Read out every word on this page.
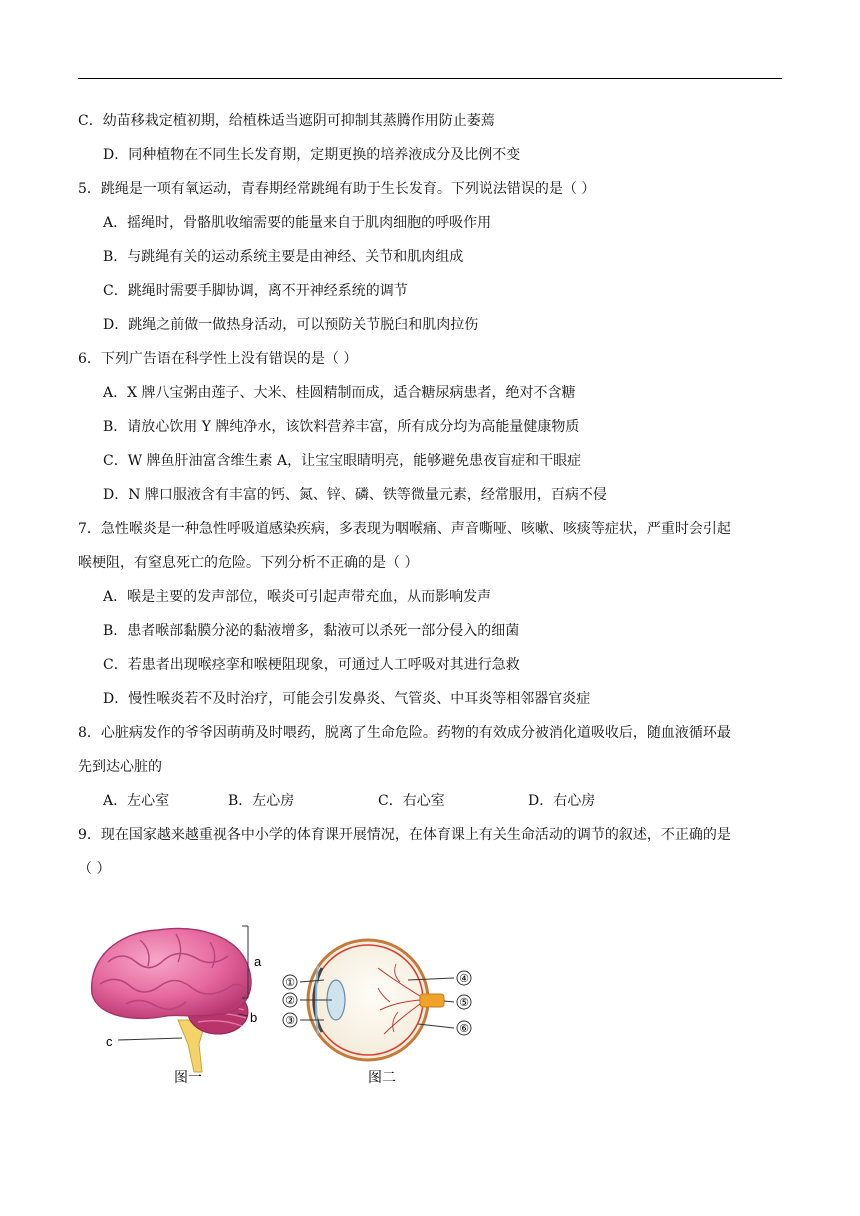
C．幼苗移栽定植初期，给植株适当遮阴可抑制其蒸腾作用防止萎蔫
D．同种植物在不同生长发育期，定期更换的培养液成分及比例不变
5．跳绳是一项有氧运动，青春期经常跳绳有助于生长发育。下列说法错误的是（ ）
A．摇绳时，骨骼肌收缩需要的能量来自于肌肉细胞的呼吸作用
B．与跳绳有关的运动系统主要是由神经、关节和肌肉组成
C．跳绳时需要手脚协调，离不开神经系统的调节
D．跳绳之前做一做热身活动，可以预防关节脱臼和肌肉拉伤
6．下列广告语在科学性上没有错误的是（ ）
A．X 牌八宝粥由莲子、大米、桂圆精制而成，适合糖尿病患者，绝对不含糖
B．请放心饮用 Y 牌纯净水，该饮料营养丰富，所有成分均为高能量健康物质
C．W 牌鱼肝油富含维生素 A，让宝宝眼睛明亮，能够避免患夜盲症和干眼症
D．N 牌口服液含有丰富的钙、氮、锌、磷、铁等微量元素，经常服用，百病不侵
7．急性喉炎是一种急性呼吸道感染疾病，多表现为咽喉痛、声音嘶哑、咳嗽、咳痰等症状，严重时会引起
喉梗阻，有窒息死亡的危险。下列分析不正确的是（ ）
A．喉是主要的发声部位，喉炎可引起声带充血，从而影响发声
B．患者喉部黏膜分泌的黏液增多，黏液可以杀死一部分侵入的细菌
C．若患者出现喉痉挛和喉梗阻现象，可通过人工呼吸对其进行急救
D．慢性喉炎若不及时治疗，可能会引发鼻炎、气管炎、中耳炎等相邻器官炎症
8．心脏病发作的爷爷因萌萌及时喂药，脱离了生命危险。药物的有效成分被消化道吸收后，随血液循环最
先到达心脏的
A．左心室	B．左心房	C．右心室	D．右心房
9．现在国家越来越重视各中小学的体育课开展情况，在体育课上有关生命活动的调节的叙述，不正确的是
（ ）
a
b
c
①
②
③
④
⑤
⑥
图一	图二
